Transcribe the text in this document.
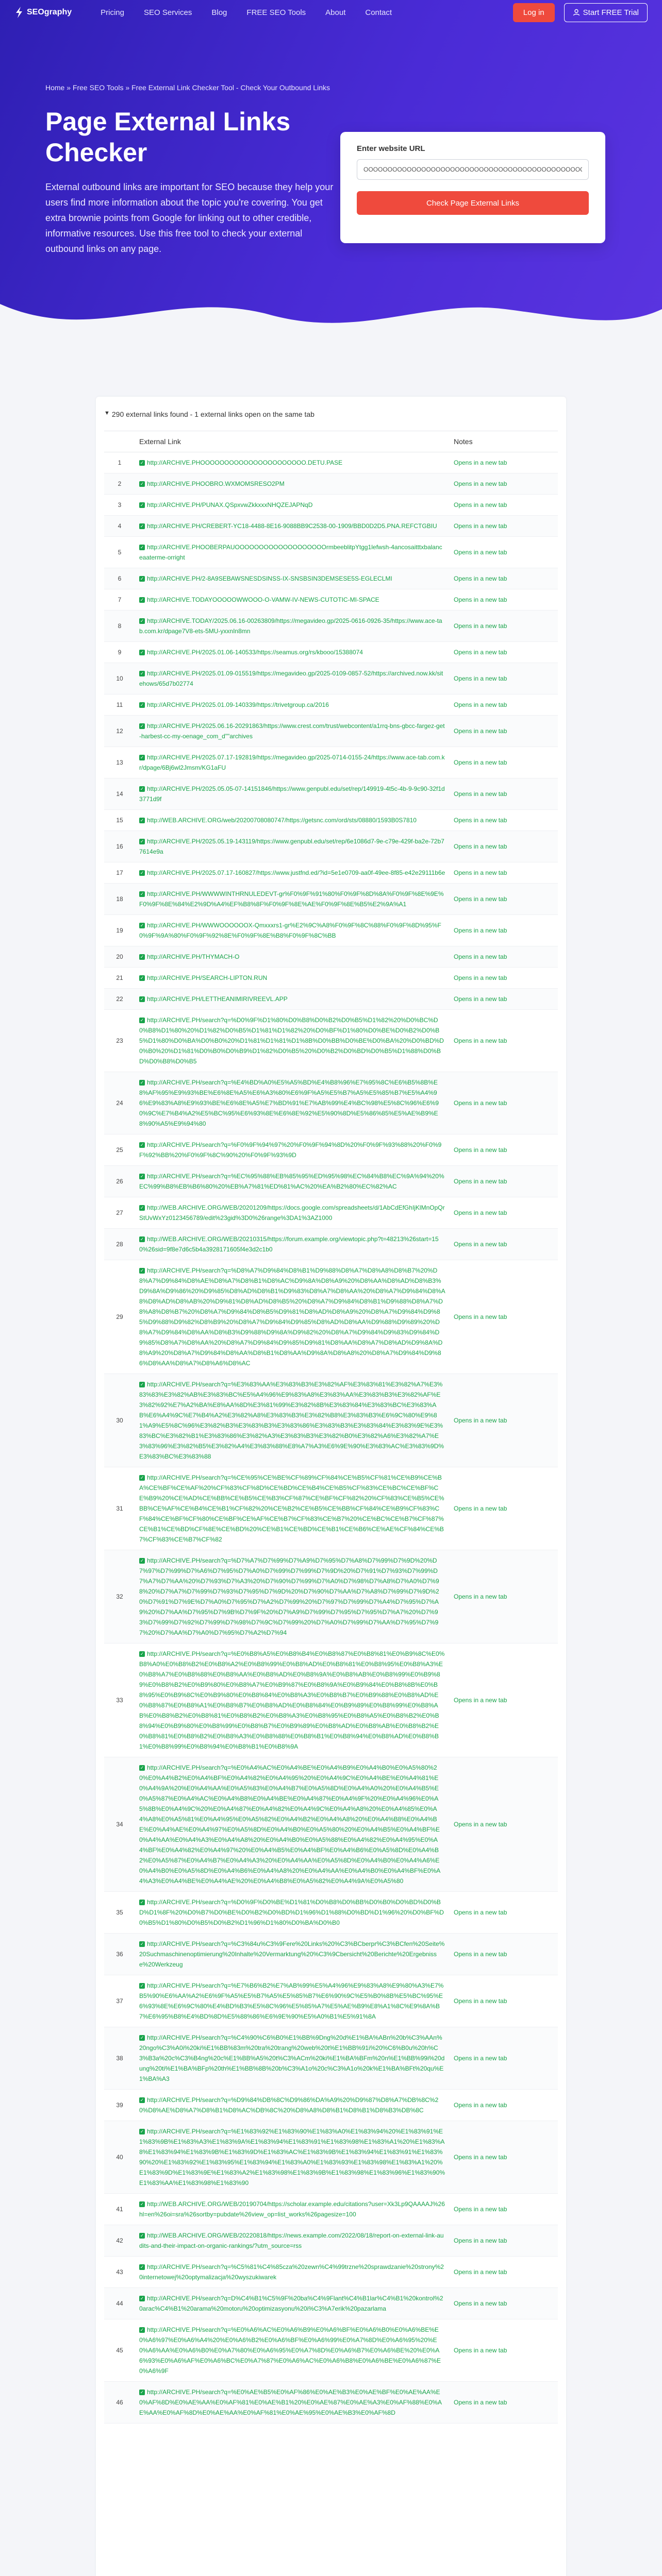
SEOgraphy	Pricing	SEO Services	Blog	FREE SEO Tools	About	Contact	Log in	Start FREE Trial
Home » Free SEO Tools » Free External Link Checker Tool - Check Your Outbound Links
Page External Links Checker

External outbound links are important for SEO because they help your users find more information about the topic you're covering. You get extra brownie points from Google for linking out to other credible, informative resources. Use this free tool to check your external outbound links on any page.

Enter website URL
OOOOOOOOOOOOOOOOOOOOOOOOOOOOOOOOOOOOOOOOOOOOOOOCARRECO
Check Page External Links
▼ 290 external links found - 1 external links open on the same tab
	External Link	Notes
1	✓ http://ARCHIVE.PHOOOOOOOOOOOOOOOOOOOOOO.DETU.PASE	Opens in a new tab
2	✓ http://ARCHIVE.PHOOBRO.WXMOMSRESO2PM	Opens in a new tab
3	✓ http://ARCHIVE.PH/PUNAX.QSpxvwZkkxxxNHQZEJAPNqD	Opens in a new tab
4	✓ http://ARCHIVE.PH/CREBERT-YC18-4488-8E16-9088BB9C2538-00-1909/BBD0D2D5.PNA.REFCTGBIU	Opens in a new tab
5	✓ http://ARCHIVE.PHOOBERPAUOOOOOOOOOOOOOOOOOOOrmbeeblitpYtgg1lefwsh-4ancosaitttxbalanceaaterme-orright	Opens in a new tab
6	✓ http://ARCHIVE.PH/2-8A9SEBAWSNESDSINSS-IX-SNSBSIN3DEMSESE5S-EGLECLMI	Opens in a new tab
7	✓ http://ARCHIVE.TODAYOOOOOWWOOO-O-VAMW-IV-NEWS-CUTOTIC-MI-SPACE	Opens in a new tab
8	✓ http://ARCHIVE.TODAY/2025.06.16-00263809/https://megavideo.gp/2025-0616-0926-35/https://www.ace-tab.com.kr/dpage7V8-ets-5MU-yxxnIn8mn	Opens in a new tab
9	✓ http://ARCHIVE.PH/2025.01.06-140533/https://seamus.org/rs/kbooo/15388074	Opens in a new tab
10	✓ http://ARCHIVE.PH/2025.01.09-015519/https://megavideo.gp/2025-0109-0857-52/https://archived.now.kk/sitehows/65d7b02774	Opens in a new tab
11	✓ http://ARCHIVE.PH/2025.01.09-140339/https://trivetgroup.ca/2016	Opens in a new tab
12	✓ http://ARCHIVE.PH/2025.06.16-20291863/https://www.crest.com/trust/webcontent/a1rrq-bns-gbcc-fargez-get-harbest-cc-my-oenage_com_d""archives	Opens in a new tab
13	✓ http://ARCHIVE.PH/2025.07.17-192819/https://megavideo.gp/2025-0714-0155-24/https://www.ace-tab.com.kr/dpage/6Bj6wl2Jmsm/KG1aFU	Opens in a new tab
14	✓ http://ARCHIVE.PH/2025.05.05-07-14151846/https://www.genpubl.edu/set/rep/149919-4t5c-4b-9-9c90-32f1d3771d9f	Opens in a new tab
15	✓ http://WEB.ARCHIVE.ORG/web/20200708080747/https://getsnc.com/ord/sts/08880/1593B0S7810	Opens in a new tab
16	✓ http://ARCHIVE.PH/2025.05.19-143119/https://www.genpubl.edu/set/rep/6e1086d7-9e-c79e-429f-ba2e-72b77614e9a	Opens in a new tab
17	✓ http://ARCHIVE.PH/2025.07.17-160827/https://www.justfnd.ed/?id=5e1e0709-aa0f-49ee-8f85-e42e29111b6e	Opens in a new tab
18	✓ http://ARCHIVE.PH/WWWWINTHRNULEDEVT-gr%F0%9F%91%80%F0%9F%8D%8A%F0%9F%8E%9E%F0%9F%8E%84%E2%9D%A4%EF%B8%8F%F0%9F%8E%AE%F0%9F%8E%B5%E2%9A%A1	Opens in a new tab
19	✓ http://ARCHIVE.PH/WWWOOOOOOX-Qmxxxrs1-gr%E2%9C%A8%F0%9F%8C%88%F0%9F%8D%95%F0%9F%9A%80%F0%9F%92%8E%F0%9F%8E%B8%F0%9F%8C%BB	Opens in a new tab
20	✓ http://ARCHIVE.PH/THYMACH-O	Opens in a new tab
21	✓ http://ARCHIVE.PH/SEARCH-LIPTON.RUN	Opens in a new tab
22	✓ http://ARCHIVE.PH/LETTHEANIMIRIVREEVL.APP	Opens in a new tab
23	✓ http://ARCHIVE.PH/search?q=%D0%9F%D1%80%D0%B8%D0%B2%D0%B5%D1%82%20%D0%BC%D0%B8%D1%80%20%D1%82%D0%B5%D1%81%D1%82%20%D0%BF%D1%80%D0%BE%D0%B2%D0%B5%D1%80%D0%BA%D0%B0%20%D1%81%D1%81%D1%8B%D0%BB%D0%BE%D0%BA%20%D0%BD%D0%B0%20%D1%81%D0%B0%D0%B9%D1%82%D0%B5%20%D0%B2%D0%BD%D0%B5%D1%88%D0%BD%D0%B8%D0%B5	Opens in a new tab
24	✓ http://ARCHIVE.PH/search?q=%E4%BD%A0%E5%A5%BD%E4%B8%96%E7%95%8C%E6%B5%8B%E8%AF%95%E9%93%BE%E6%8E%A5%E6%A3%80%E6%9F%A5%E5%B7%A5%E5%85%B7%E5%A4%96%E9%83%A8%E9%93%BE%E6%8E%A5%E7%BD%91%E7%AB%99%E4%BC%98%E5%8C%96%E6%90%9C%E7%B4%A2%E5%BC%95%E6%93%8E%E6%8E%92%E5%90%8D%E5%86%85%E5%AE%B9%E8%90%A5%E9%94%80	Opens in a new tab
25	✓ http://ARCHIVE.PH/search?q=%F0%9F%94%97%20%F0%9F%94%8D%20%F0%9F%93%88%20%F0%9F%92%BB%20%F0%9F%8C%90%20%F0%9F%93%9D	Opens in a new tab
26	✓ http://ARCHIVE.PH/search?q=%EC%95%88%EB%85%95%ED%95%98%EC%84%B8%EC%9A%94%20%EC%99%B8%EB%B6%80%20%EB%A7%81%ED%81%AC%20%EA%B2%80%EC%82%AC	Opens in a new tab
27	✓ http://WEB.ARCHIVE.ORG/WEB/20201209/https://docs.google.com/spreadsheets/d/1AbCdEfGhIjKlMnOpQrStUvWxYz0123456789/edit%23gid%3D0%26range%3DA1%3AZ1000	Opens in a new tab
28	✓ http://WEB.ARCHIVE.ORG/WEB/20210315/https://forum.example.org/viewtopic.php?t=48213%26start=150%26sid=9f8e7d6c5b4a3928171605f4e3d2c1b0	Opens in a new tab
29	✓ http://ARCHIVE.PH/search?q=%D8%A7%D9%84%D8%B1%D9%88%D8%A7%D8%A8%D8%B7%20%D8%A7%D9%84%D8%AE%D8%A7%D8%B1%D8%AC%D9%8A%D8%A9%20%D8%AA%D8%AD%D8%B3%D9%8A%D9%86%20%D9%85%D8%AD%D8%B1%D9%83%D8%A7%D8%AA%20%D8%A7%D9%84%D8%A8%D8%AD%D8%AB%20%D9%81%D8%AD%D8%B5%20%D8%A7%D9%84%D8%B1%D9%88%D8%A7%D8%A8%D8%B7%20%D8%A7%D9%84%D8%B5%D9%81%D8%AD%D8%A9%20%D8%A7%D9%84%D9%85%D9%88%D9%82%D8%B9%20%D8%A7%D9%84%D9%85%D8%AD%D8%AA%D9%88%D9%89%20%D8%A7%D9%84%D8%AA%D8%B3%D9%88%D9%8A%D9%82%20%D8%A7%D9%84%D9%83%D9%84%D9%85%D8%A7%D8%AA%20%D8%A7%D9%84%D9%85%D9%81%D8%AA%D8%A7%D8%AD%D9%8A%D8%A9%20%D8%A7%D9%84%D8%AA%D8%B1%D8%AA%D9%8A%D8%A8%20%D8%A7%D9%84%D9%86%D8%AA%D8%A7%D8%A6%D8%AC	Opens in a new tab
30	✓ http://ARCHIVE.PH/search?q=%E3%83%AA%E3%83%B3%E3%82%AF%E3%83%81%E3%82%A7%E3%83%83%E3%82%AB%E3%83%BC%E5%A4%96%E9%83%A8%E3%83%AA%E3%83%B3%E3%82%AF%E3%82%92%E7%A2%BA%E8%AA%8D%E3%81%99%E3%82%8B%E3%83%84%E3%83%BC%E3%83%AB%E6%A4%9C%E7%B4%A2%E3%82%A8%E3%83%B3%E3%82%B8%E3%83%B3%E6%9C%80%E9%81%A9%E5%8C%96%E3%82%B3%E3%83%B3%E3%83%86%E3%83%B3%E3%83%84%E3%83%9E%E3%83%BC%E3%82%B1%E3%83%86%E3%82%A3%E3%83%B3%E3%82%B0%E3%82%A6%E3%82%A7%E3%83%96%E3%82%B5%E3%82%A4%E3%83%88%E8%A7%A3%E6%9E%90%E3%83%AC%E3%83%9D%E3%83%BC%E3%83%88	Opens in a new tab
31	✓ http://ARCHIVE.PH/search?q=%CE%95%CE%BE%CF%89%CF%84%CE%B5%CF%81%CE%B9%CE%BA%CE%BF%CE%AF%20%CF%83%CF%8D%CE%BD%CE%B4%CE%B5%CF%83%CE%BC%CE%BF%CE%B9%20%CE%AD%CE%BB%CE%B5%CE%B3%CF%87%CE%BF%CF%82%20%CF%83%CE%B5%CE%BB%CE%AF%CE%B4%CE%B1%CF%82%20%CE%B2%CE%B5%CE%BB%CF%84%CE%B9%CF%83%CF%84%CE%BF%CF%80%CE%BF%CE%AF%CE%B7%CF%83%CE%B7%20%CE%BC%CE%B7%CF%87%CE%B1%CE%BD%CF%8E%CE%BD%20%CE%B1%CE%BD%CE%B1%CE%B6%CE%AE%CF%84%CE%B7%CF%83%CE%B7%CF%82	Opens in a new tab
32	✓ http://ARCHIVE.PH/search?q=%D7%A7%D7%99%D7%A9%D7%95%D7%A8%D7%99%D7%9D%20%D7%97%D7%99%D7%A6%D7%95%D7%A0%D7%99%D7%99%D7%9D%20%D7%91%D7%93%D7%99%D7%A7%D7%AA%20%D7%93%D7%A3%20%D7%90%D7%99%D7%A0%D7%98%D7%A8%D7%A0%D7%98%20%D7%A7%D7%99%D7%93%D7%95%D7%9D%20%D7%90%D7%AA%D7%A8%D7%99%D7%9D%20%D7%91%D7%9E%D7%A0%D7%95%D7%A2%D7%99%20%D7%97%D7%99%D7%A4%D7%95%D7%A9%20%D7%AA%D7%95%D7%9B%D7%9F%20%D7%A9%D7%99%D7%95%D7%95%D7%A7%20%D7%93%D7%99%D7%92%D7%99%D7%98%D7%9C%D7%99%20%D7%A0%D7%99%D7%AA%D7%95%D7%97%20%D7%AA%D7%A0%D7%95%D7%A2%D7%94	Opens in a new tab
33	✓ http://ARCHIVE.PH/search?q=%E0%B8%A5%E0%B8%B4%E0%B8%87%E0%B8%81%E0%B9%8C%E0%B8%A0%E0%B8%B2%E0%B8%A2%E0%B8%99%E0%B8%AD%E0%B8%81%E0%B8%95%E0%B8%A3%E0%B8%A7%E0%B8%88%E0%B8%AA%E0%B8%AD%E0%B8%9A%E0%B8%AB%E0%B8%99%E0%B9%89%E0%B8%B2%E0%B9%80%E0%B8%A7%E0%B9%87%E0%B8%9A%E0%B9%84%E0%B8%8B%E0%B8%95%E0%B9%8C%E0%B9%80%E0%B8%84%E0%B8%A3%E0%B8%B7%E0%B9%88%E0%B8%AD%E0%B8%87%E0%B8%A1%E0%B8%B7%E0%B8%AD%E0%B8%84%E0%B9%89%E0%B8%99%E0%B8%AB%E0%B8%B2%E0%B8%81%E0%B8%B2%E0%B8%A3%E0%B8%95%E0%B8%A5%E0%B8%B2%E0%B8%94%E0%B9%80%E0%B8%99%E0%B8%B7%E0%B9%89%E0%B8%AD%E0%B8%AB%E0%B8%B2%E0%B8%81%E0%B8%B2%E0%B8%A3%E0%B8%88%E0%B8%B1%E0%B8%94%E0%B8%AD%E0%B8%B1%E0%B8%99%E0%B8%94%E0%B8%B1%E0%B8%9A	Opens in a new tab
34	✓ http://ARCHIVE.PH/search?q=%E0%A4%AC%E0%A4%BE%E0%A4%B9%E0%A4%B0%E0%A5%80%20%E0%A4%B2%E0%A4%BF%E0%A4%82%E0%A4%95%20%E0%A4%9C%E0%A4%BE%E0%A4%81%E0%A4%9A%20%E0%A4%AA%E0%A5%83%E0%A4%B7%E0%A5%8D%E0%A4%A0%20%E0%A4%B5%E0%A5%87%E0%A4%AC%E0%A4%B8%E0%A4%BE%E0%A4%87%E0%A4%9F%20%E0%A4%96%E0%A5%8B%E0%A4%9C%20%E0%A4%87%E0%A4%82%E0%A4%9C%E0%A4%A8%20%E0%A4%85%E0%A4%A8%E0%A5%81%E0%A4%95%E0%A5%82%E0%A4%B2%E0%A4%A8%20%E0%A4%B8%E0%A4%BE%E0%A4%AE%E0%A4%97%E0%A5%8D%E0%A4%B0%E0%A5%80%20%E0%A4%B5%E0%A4%BF%E0%A4%AA%E0%A4%A3%E0%A4%A8%20%E0%A4%B0%E0%A5%88%E0%A4%82%E0%A4%95%E0%A4%BF%E0%A4%82%E0%A4%97%20%E0%A4%B5%E0%A4%BF%E0%A4%B6%E0%A5%8D%E0%A4%B2%E0%A5%87%E0%A4%B7%E0%A4%A3%20%E0%A4%AA%E0%A5%8D%E0%A4%B0%E0%A4%A6%E0%A4%B0%E0%A5%8D%E0%A4%B6%E0%A4%A8%20%E0%A4%AA%E0%A4%B0%E0%A4%BF%E0%A4%A3%E0%A4%BE%E0%A4%AE%20%E0%A4%B8%E0%A5%82%E0%A4%9A%E0%A5%80	Opens in a new tab
35	✓ http://ARCHIVE.PH/search?q=%D0%9F%D0%BE%D1%81%D0%B8%D0%BB%D0%B0%D0%BD%D0%BD%D1%8F%20%D0%B7%D0%BE%D0%B2%D0%BD%D1%96%D1%88%D0%BD%D1%96%20%D0%BF%D0%B5%D1%80%D0%B5%D0%B2%D1%96%D1%80%D0%BA%D0%B0	Opens in a new tab
36	✓ http://ARCHIVE.PH/search?q=%C3%84u%C3%9Fere%20Links%20%C3%BCberpr%C3%BCfen%20Seite%20Suchmaschinenoptimierung%20Inhalte%20Vermarktung%20%C3%9Cbersicht%20Berichte%20Ergebnisse%20Werkzeug	Opens in a new tab
37	✓ http://ARCHIVE.PH/search?q=%E7%B6%B2%E7%AB%99%E5%A4%96%E9%83%A8%E9%80%A3%E7%B5%90%E6%AA%A2%E6%9F%A5%E5%B7%A5%E5%85%B7%E6%90%9C%E5%B0%8B%E5%BC%95%E6%93%8E%E6%9C%80%E4%BD%B3%E5%8C%96%E5%85%A7%E5%AE%B9%E8%A1%8C%E9%8A%B7%E6%95%B8%E4%BD%8D%E5%88%86%E6%9E%90%E5%A0%B1%E5%91%8A	Opens in a new tab
38	✓ http://ARCHIVE.PH/search?q=%C4%90%C6%B0%E1%BB%9Dng%20d%E1%BA%ABn%20b%C3%AAn%20ngo%C3%A0i%20ki%E1%BB%83m%20tra%20trang%20web%20t%E1%BB%91i%20%C6%B0u%20h%C3%B3a%20c%C3%B4ng%20c%E1%BB%A5%20t%C3%ACm%20ki%E1%BA%BFm%20n%E1%BB%99i%20dung%20ti%E1%BA%BFp%20th%E1%BB%8B%20b%C3%A1o%20c%C3%A1o%20k%E1%BA%BFt%20qu%E1%BA%A3	Opens in a new tab
39	✓ http://ARCHIVE.PH/search?q=%D9%84%DB%8C%D9%86%DA%A9%20%D9%87%D8%A7%DB%8C%20%D8%AE%D8%A7%D8%B1%D8%AC%DB%8C%20%D8%A8%D8%B1%D8%B1%D8%B3%DB%8C	Opens in a new tab
40	✓ http://ARCHIVE.PH/search?q=%E1%83%92%E1%83%90%E1%83%A0%E1%83%94%20%E1%83%91%E1%83%9B%E1%83%A3%E1%83%9A%E1%83%94%E1%83%91%E1%83%98%E1%83%A1%20%E1%83%A8%E1%83%94%E1%83%9B%E1%83%9D%E1%83%AC%E1%83%9B%E1%83%94%E1%83%91%E1%83%90%20%E1%83%92%E1%83%95%E1%83%94%E1%83%A0%E1%83%93%E1%83%98%E1%83%A1%20%E1%83%9D%E1%83%9E%E1%83%A2%E1%83%98%E1%83%9B%E1%83%98%E1%83%96%E1%83%90%E1%83%AA%E1%83%98%E1%83%90	Opens in a new tab
41	✓ http://WEB.ARCHIVE.ORG/WEB/20190704/https://scholar.example.edu/citations?user=Xk3Lp9QAAAAJ%26hl=en%26oi=sra%26sortby=pubdate%26view_op=list_works%26pagesize=100	Opens in a new tab
42	✓ http://WEB.ARCHIVE.ORG/WEB/20220818/https://news.example.com/2022/08/18/report-on-external-link-audits-and-their-impact-on-organic-rankings/?utm_source=rss	Opens in a new tab
43	✓ http://ARCHIVE.PH/search?q=%C5%81%C4%85cza%20zewn%C4%99trzne%20sprawdzanie%20strony%20internetowej%20optymalizacja%20wyszukiwarek	Opens in a new tab
44	✓ http://ARCHIVE.PH/search?q=D%C4%B1%C5%9F%20ba%C4%9Flant%C4%B1lar%C4%B1%20kontrol%20arac%C4%B1%20arama%20motoru%20optimizasyonu%20i%C3%A7erik%20pazarlama	Opens in a new tab
45	✓ http://ARCHIVE.PH/search?q=%E0%A6%AC%E0%A6%B9%E0%A6%BF%E0%A6%B0%E0%A6%BE%E0%A6%97%E0%A6%A4%20%E0%A6%B2%E0%A6%BF%E0%A6%99%E0%A7%8D%E0%A6%95%20%E0%A6%AA%E0%A6%B0%E0%A7%80%E0%A6%95%E0%A7%8D%E0%A6%B7%E0%A6%BE%20%E0%A6%93%E0%A6%AF%E0%A6%BC%E0%A7%87%E0%A6%AC%E0%A6%B8%E0%A6%BE%E0%A6%87%E0%A6%9F	Opens in a new tab
46	✓ http://ARCHIVE.PH/search?q=%E0%AE%B5%E0%AF%86%E0%AE%B3%E0%AE%BF%E0%AE%AA%E0%AF%8D%E0%AE%AA%E0%AF%81%E0%AE%B1%20%E0%AE%87%E0%AE%A3%E0%AF%88%E0%AE%AA%E0%AF%8D%E0%AE%AA%E0%AF%81%E0%AE%95%E0%AE%B3%E0%AF%8D	Opens in a new tab
